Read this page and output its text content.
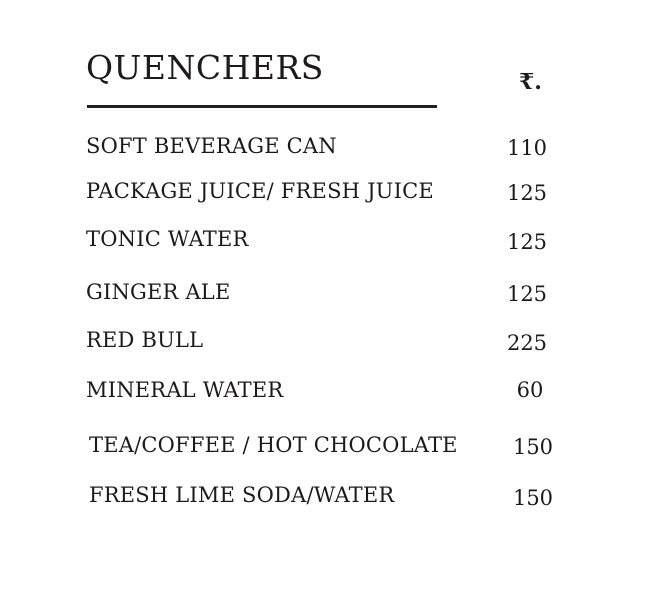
QUENCHERS	₹.
SOFT BEVERAGE CAN	110
PACKAGE JUICE/ FRESH JUICE	125
TONIC WATER	125
GINGER ALE	125
RED BULL	225
MINERAL WATER	60
TEA/COFFEE / HOT CHOCOLATE	150
FRESH LIME SODA/WATER	150
